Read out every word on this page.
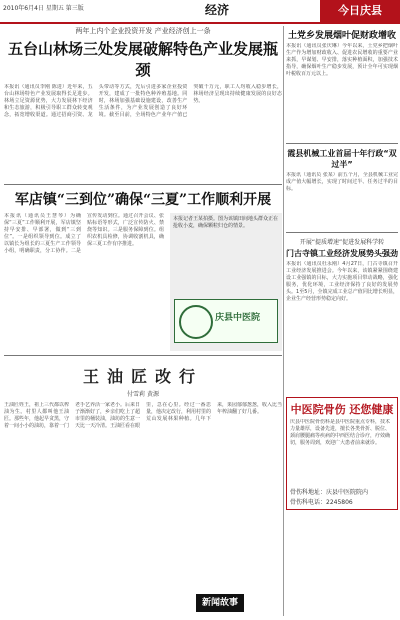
2010年6月4日 星期五 第三版	经济	今日庆县
两年上内个企业投资开发 产业经济创上一条
五台山林场三处发展破解特色产业发展瓶颈
本报讯（通讯员李刚 陈进）近年来，五台山林场特色产业发展取得长足进步。林场立足资源优势，大力发展林下经济和生态旅游，积极引导职工群众转变观念，拓宽增收渠道。通过招商引资、龙头带动等方式，先后引进多家企业投资开发，建成了一批特色种养殖基地。同时，林场加强基础设施建设，改善生产生活条件，为产业发展创造了良好环境。截至目前，全场特色产业年产值已突破千万元，职工人均收入稳步增长，林场经济呈现出持续健康发展的良好态势。
军店镇“三到位”确保“三夏”工作顺利开展
本报讯（通讯员王慧琴）为确保“三夏”工作顺利开展，军店镇坚持早安排、早部署，做到“三到位”。一是组织领导到位。成立了以镇长为组长的三夏生产工作领导小组，明确职责，分工协作。二是宣传发动到位。通过召开会议、张贴标语等形式，广泛宣传防火、禁烧等知识。三是服务保障到位。组织农机具检修，协调收割机具，确保三夏工作有序推进。
本报记者王某拍摄。图为该镇田间地头群众正在抢收小麦，确保颗粒归仓的情景。
庆县中医院
王油匠改行
付雪莉 黄源
王油匠姓王，祖上三代都以榨油为生。村里人都叫他王油匠。那些年，他起早贪黑，守着一间小小的油坊，靠着一门老手艺养活一家老小。后来日子渐渐好了，乡亲们吃上了超市里的桶装油，油坊的生意一天比一天冷清。王油匠看在眼里，急在心里。经过一番思量，他决定改行，利用村里的荒山发展林果种植。几年下来，果园郁郁葱葱，收入比当年榨油翻了好几番。
土党乡发展烟叶促财政增收
本报讯（通讯员张庆琳）今年以来，土党乡把烟叶生产作为增加财政收入、促进农民增收的重要产业来抓，早谋划、早安排，落实种植面积，加强技术指导，确保烟叶生产稳步发展，预计全年可实现烟叶税收百万元以上。
霞县机械工业首届十年行政“双过半”
本报讯（通讯员 张某）前五个月，全县机械工业完成产值大幅增长，实现了时间过半、任务过半的目标。
开展“提质增速”促进发展科学转
门古寺镇工业经济发展势头强劲
本报讯（通讯员杜永刚）4月27日，门古寺镇召开工业经济发展推进会。今年以来，该镇紧紧围绕建设工业强镇的目标，大力实施项目带动战略，强化服务，优化环境，工业经济保持了良好的发展势头。1至5月，全镇完成工业总产值同比增长明显，企业生产经营形势稳定向好。
中医院骨伤 还您健康
庆县中医院骨伤科是县中医院重点专科，技术力量雄厚，设备先进，擅长各类骨折、脱位、颈肩腰腿痛等疾病的中西医结合诊疗，疗效确切，服务周到，欢迎广大患者前来就诊。
骨伤科地址：庆县中医院院内
骨伤科电话：2245806
新闻故事
